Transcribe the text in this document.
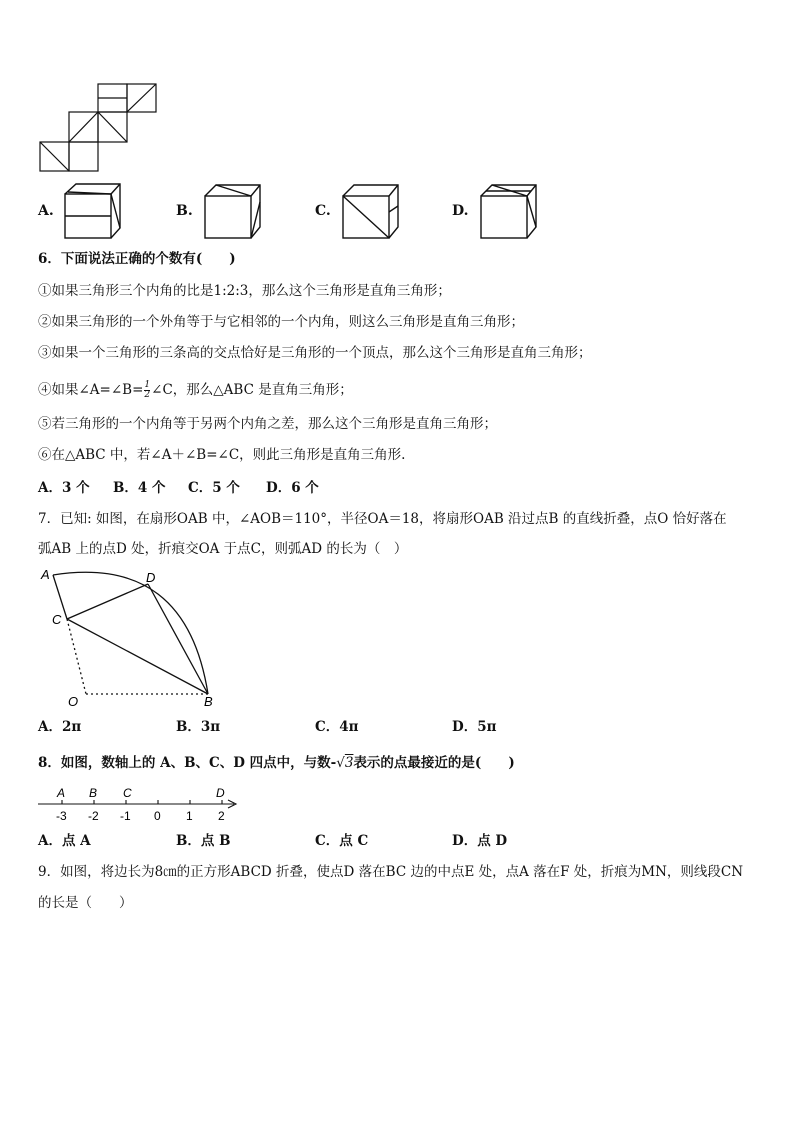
A.	B.	C.	D.
6．下面说法正确的个数有(　　)
①如果三角形三个内角的比是1:2:3，那么这个三角形是直角三角形；
②如果三角形的一个外角等于与它相邻的一个内角，则这么三角形是直角三角形；
③如果一个三角形的三条高的交点恰好是三角形的一个顶点，那么这个三角形是直角三角形；
④如果∠A=∠B= $\frac{1}{2}$ ∠C，那么△ABC 是直角三角形；
⑤若三角形的一个内角等于另两个内角之差，那么这个三角形是直角三角形；
⑥在△ABC 中，若∠A＋∠B=∠C，则此三角形是直角三角形.
A．3 个 B．4 个 C．5 个 D．6 个
7．已知: 如图，在扇形OAB 中，∠AOB＝110°，半径OA＝18，将扇形OAB 沿过点B 的直线折叠，点O 恰好落在
弧AB 上的点D 处，折痕交OA 于点C，则弧AD 的长为（　）
A	D
C
O	B
A．2π	B．3π	C．4π	D．5π
8．如图，数轴上的 A、B、C、D 四点中，与数-√3表示的点最接近的是(　　)
A B C	D
-3 -2 -1 0 1 2
A．点 A	B．点 B	C．点 C	D．点 D
9．如图，将边长为8㎝的正方形ABCD 折叠，使点D 落在BC 边的中点E 处，点A 落在F 处，折痕为MN，则线段CN
的长是（　　）
